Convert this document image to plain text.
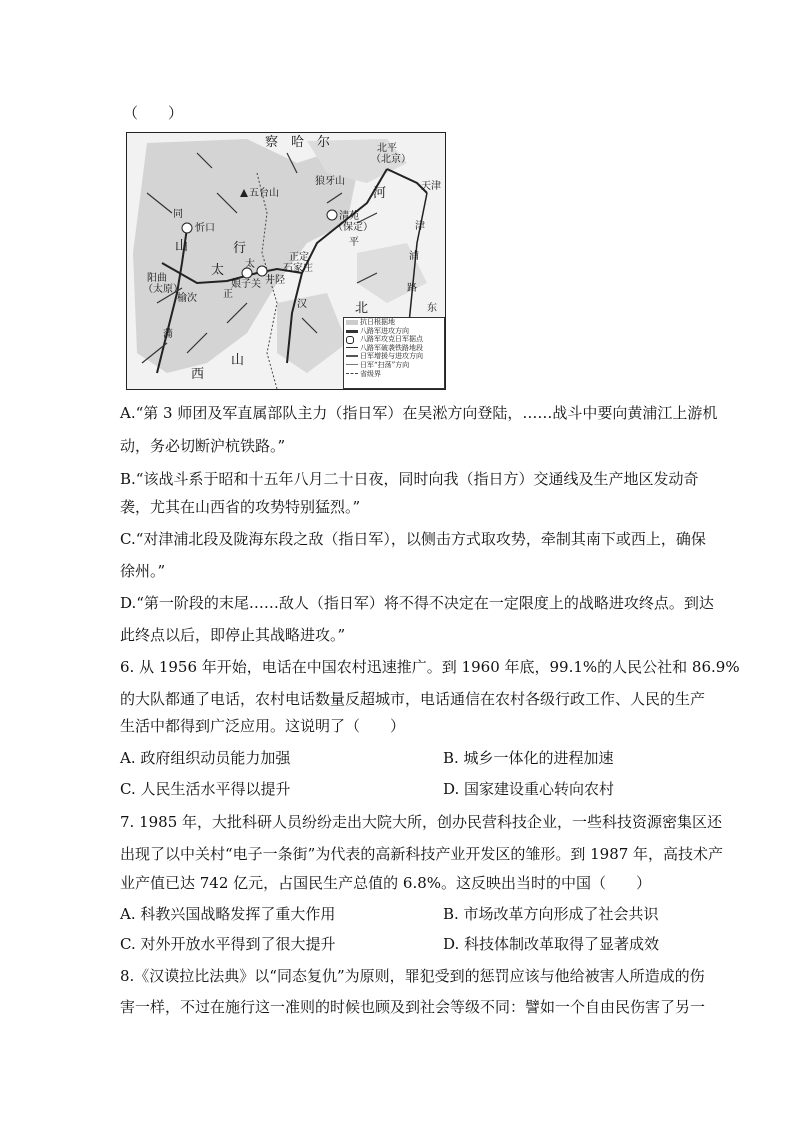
（　　）
察　哈　尔	北平
（北京）
天津
五台山
狼牙山
清苑
（保定）
忻口
正定
石家庄
井陉
娘子关
阳曲
（太原）
榆次
河
北
山
西
太
行
山
津
浦
路
平
汉
正
太
同
蒲
东
抗日根据地
八路军进攻方向
八路军攻克日军据点
八路军破袭铁路地段
日军增援与进攻方向
日军“扫荡”方向
省级界
A.“第 3 师团及军直属部队主力（指日军）在吴淞方向登陆，……战斗中要向黄浦江上游机
动，务必切断沪杭铁路。”
B.“该战斗系于昭和十五年八月二十日夜，同时向我（指日方）交通线及生产地区发动奇
袭，尤其在山西省的攻势特别猛烈。”
C.“对津浦北段及陇海东段之敌（指日军），以侧击方式取攻势，牵制其南下或西上，确保
徐州。”
D.“第一阶段的末尾……敌人（指日军）将不得不决定在一定限度上的战略进攻终点。到达
此终点以后，即停止其战略进攻。”
6. 从 1956 年开始，电话在中国农村迅速推广。到 1960 年底，99.1%的人民公社和 86.9%
的大队都通了电话，农村电话数量反超城市，电话通信在农村各级行政工作、人民的生产
生活中都得到广泛应用。这说明了（　　）
A. 政府组织动员能力加强	B. 城乡一体化的进程加速
C. 人民生活水平得以提升	D. 国家建设重心转向农村
7. 1985 年，大批科研人员纷纷走出大院大所，创办民营科技企业，一些科技资源密集区还
出现了以中关村“电子一条街”为代表的高新科技产业开发区的雏形。到 1987 年，高技术产
业产值已达 742 亿元，占国民生产总值的 6.8%。这反映出当时的中国（　　）
A. 科教兴国战略发挥了重大作用	B. 市场改革方向形成了社会共识
C. 对外开放水平得到了很大提升	D. 科技体制改革取得了显著成效
8.《汉谟拉比法典》以“同态复仇”为原则，罪犯受到的惩罚应该与他给被害人所造成的伤
害一样，不过在施行这一准则的时候也顾及到社会等级不同：譬如一个自由民伤害了另一
